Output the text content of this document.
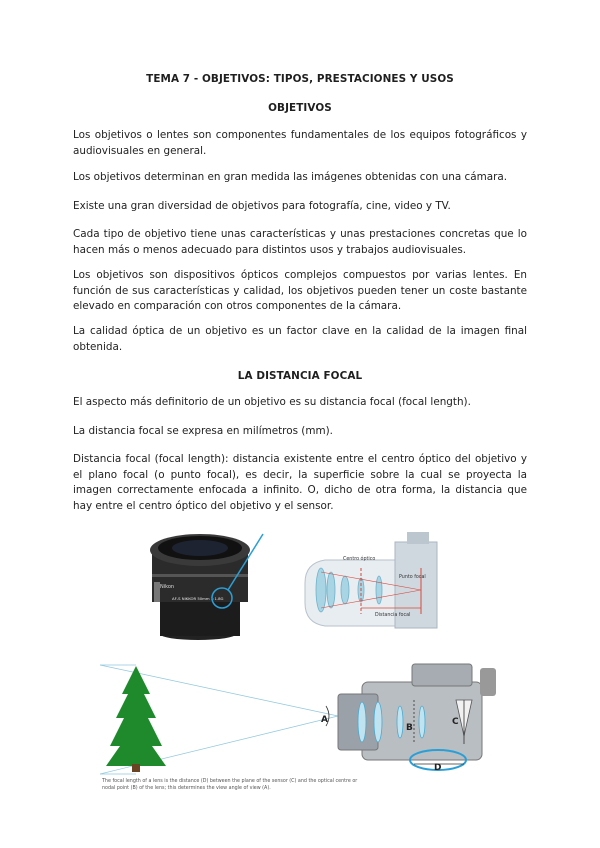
TEMA 7 - OBJETIVOS: TIPOS, PRESTACIONES Y USOS

OBJETIVOS

Los objetivos o lentes son componentes fundamentales de los equipos fotográficos y audiovisuales en general.

Los objetivos determinan en gran medida las imágenes obtenidas con una cámara.

Existe una gran diversidad de objetivos para fotografía, cine, video y TV.

Cada tipo de objetivo tiene unas características y unas prestaciones concretas que lo hacen más o menos adecuado para distintos usos y trabajos audiovisuales.

Los objetivos son dispositivos ópticos complejos compuestos por varias lentes. En función de sus características y calidad, los objetivos pueden tener un coste bastante elevado en comparación con otros componentes de la cámara.

La calidad óptica de un objetivo es un factor clave en la calidad de la imagen final obtenida.

LA DISTANCIA FOCAL

El aspecto más definitorio de un objetivo es su distancia focal (focal length).

La distancia focal se expresa en milímetros (mm).

Distancia focal (focal length): distancia existente entre el centro óptico del objetivo y el plano focal (o punto focal), es decir, la superficie sobre la cual se proyecta la imagen correctamente enfocada a infinito. O, dicho de otra forma, la distancia que hay entre el centro óptico del objetivo y el sensor.

Nikon
AF-S NIKKOR 50mm 1:1.8G
Centro óptico
Punto focal
Distancia focal
A
B
C
D

The focal length of a lens is the distance (D) between the plane of the sensor (C) and the optical centre or nodal point (B) of the lens; this determines the view angle of view (A).
